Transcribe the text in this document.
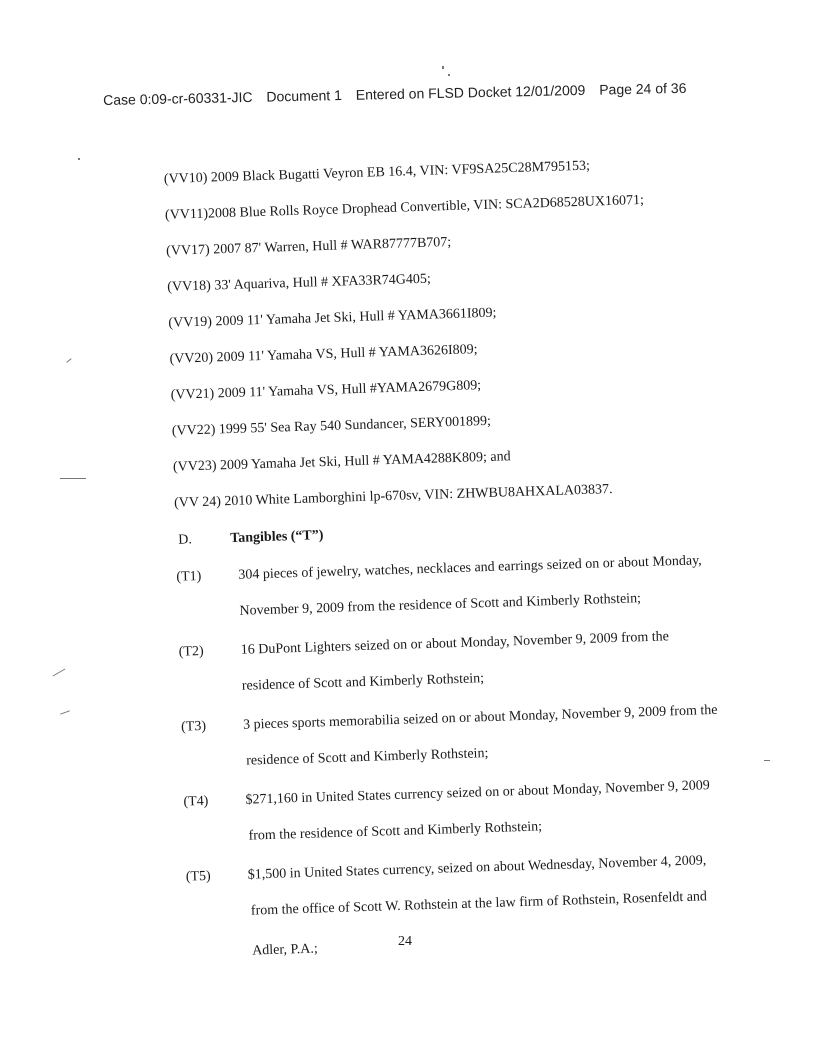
Case 0:09-cr-60331-JIC Document 1 Entered on FLSD Docket 12/01/2009 Page 24 of 36
(VV10) 2009 Black Bugatti Veyron EB 16.4, VIN: VF9SA25C28M795153;
(VV11)2008 Blue Rolls Royce Drophead Convertible, VIN: SCA2D68528UX16071;
(VV17) 2007 87' Warren, Hull # WAR87777B707;
(VV18) 33' Aquariva, Hull # XFA33R74G405;
(VV19) 2009 11' Yamaha Jet Ski, Hull # YAMA3661I809;
(VV20) 2009 11' Yamaha VS, Hull # YAMA3626I809;
(VV21) 2009 11' Yamaha VS, Hull #YAMA2679G809;
(VV22) 1999 55' Sea Ray 540 Sundancer, SERY001899;
(VV23) 2009 Yamaha Jet Ski, Hull # YAMA4288K809; and
(VV 24) 2010 White Lamborghini lp-670sv, VIN: ZHWBU8AHXALA03837.
D.	Tangibles (“T”)
(T1)	304 pieces of jewelry, watches, necklaces and earrings seized on or about Monday,
November 9, 2009 from the residence of Scott and Kimberly Rothstein;
(T2)	16 DuPont Lighters seized on or about Monday, November 9, 2009 from the
residence of Scott and Kimberly Rothstein;
(T3)	3 pieces sports memorabilia seized on or about Monday, November 9, 2009 from the
residence of Scott and Kimberly Rothstein;
(T4)	$271,160 in United States currency seized on or about Monday, November 9, 2009
from the residence of Scott and Kimberly Rothstein;
(T5)	$1,500 in United States currency, seized on about Wednesday, November 4, 2009,
from the office of Scott W. Rothstein at the law firm of Rothstein, Rosenfeldt and
Adler, P.A.;
24
